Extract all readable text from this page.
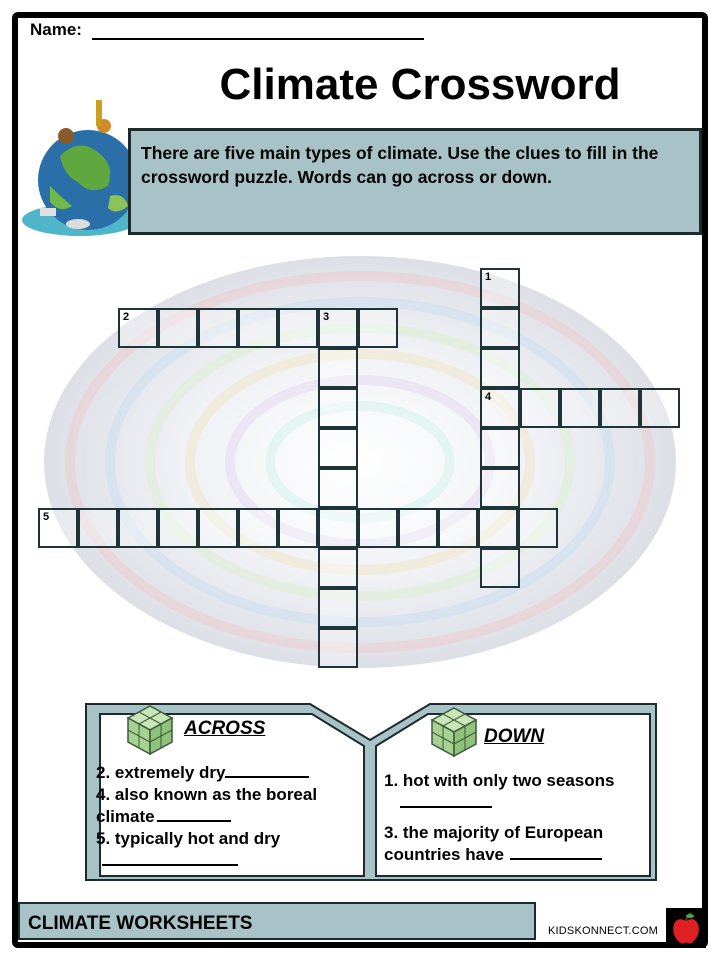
Name:
Climate Crossword
There are five main types of climate. Use the clues to fill in the crossword puzzle. Words can go across or down.
1
2	3
4
5
ACROSS	DOWN
2. extremely dry
4. also known as the boreal
climate
5. typically hot and dry
1. hot with only two seasons
3. the majority of European
countries have
CLIMATE WORKSHEETS	KIDSKONNECT.COM
